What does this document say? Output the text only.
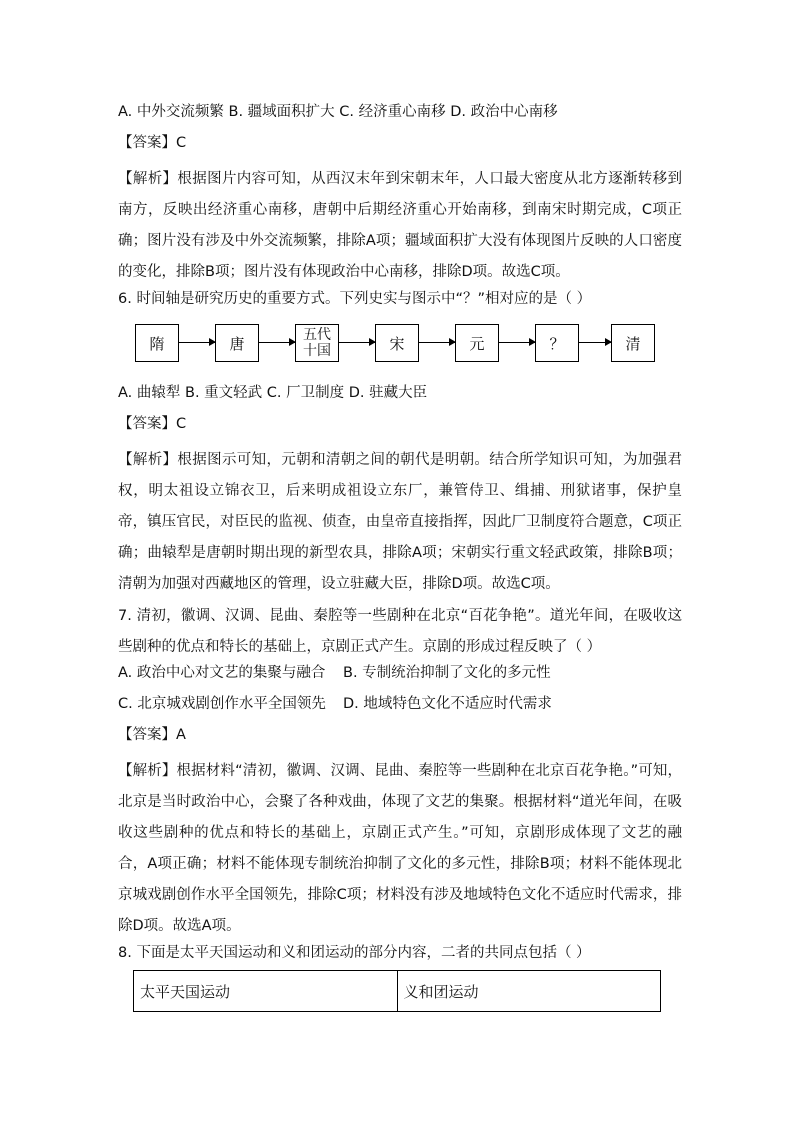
A. 中外交流频繁 B. 疆域面积扩大 C. 经济重心南移 D. 政治中心南移
【答案】C
【解析】根据图片内容可知，从西汉末年到宋朝末年，人口最大密度从北方逐渐转移到南方，反映出经济重心南移，唐朝中后期经济重心开始南移，到南宋时期完成，C项正确；图片没有涉及中外交流频繁，排除A项；疆域面积扩大没有体现图片反映的人口密度的变化，排除B项；图片没有体现政治中心南移，排除D项。故选C项。
6. 时间轴是研究历史的重要方式。下列史实与图示中“？”相对应的是（ ）
隋	唐	五代
十国	宋	元	？	清
A. 曲辕犁 B. 重文轻武 C. 厂卫制度 D. 驻藏大臣
【答案】C
【解析】根据图示可知，元朝和清朝之间的朝代是明朝。结合所学知识可知，为加强君权，明太祖设立锦衣卫，后来明成祖设立东厂，兼管侍卫、缉捕、刑狱诸事，保护皇帝，镇压官民，对臣民的监视、侦查，由皇帝直接指挥，因此厂卫制度符合题意，C项正确；曲辕犁是唐朝时期出现的新型农具，排除A项；宋朝实行重文轻武政策，排除B项；清朝为加强对西藏地区的管理，设立驻藏大臣，排除D项。故选C项。
7. 清初，徽调、汉调、昆曲、秦腔等一些剧种在北京“百花争艳”。道光年间，在吸收这些剧种的优点和特长的基础上，京剧正式产生。京剧的形成过程反映了（ ）
A. 政治中心对文艺的集聚与融合 B. 专制统治抑制了文化的多元性
C. 北京城戏剧创作水平全国领先 D. 地域特色文化不适应时代需求
【答案】A
【解析】根据材料“清初，徽调、汉调、昆曲、秦腔等一些剧种在北京百花争艳。”可知，北京是当时政治中心，会聚了各种戏曲，体现了文艺的集聚。根据材料“道光年间，在吸收这些剧种的优点和特长的基础上，京剧正式产生。”可知，京剧形成体现了文艺的融合，A项正确；材料不能体现专制统治抑制了文化的多元性，排除B项；材料不能体现北京城戏剧创作水平全国领先，排除C项；材料没有涉及地域特色文化不适应时代需求，排除D项。故选A项。
8. 下面是太平天国运动和义和团运动的部分内容，二者的共同点包括（ ）
太平天国运动	义和团运动
